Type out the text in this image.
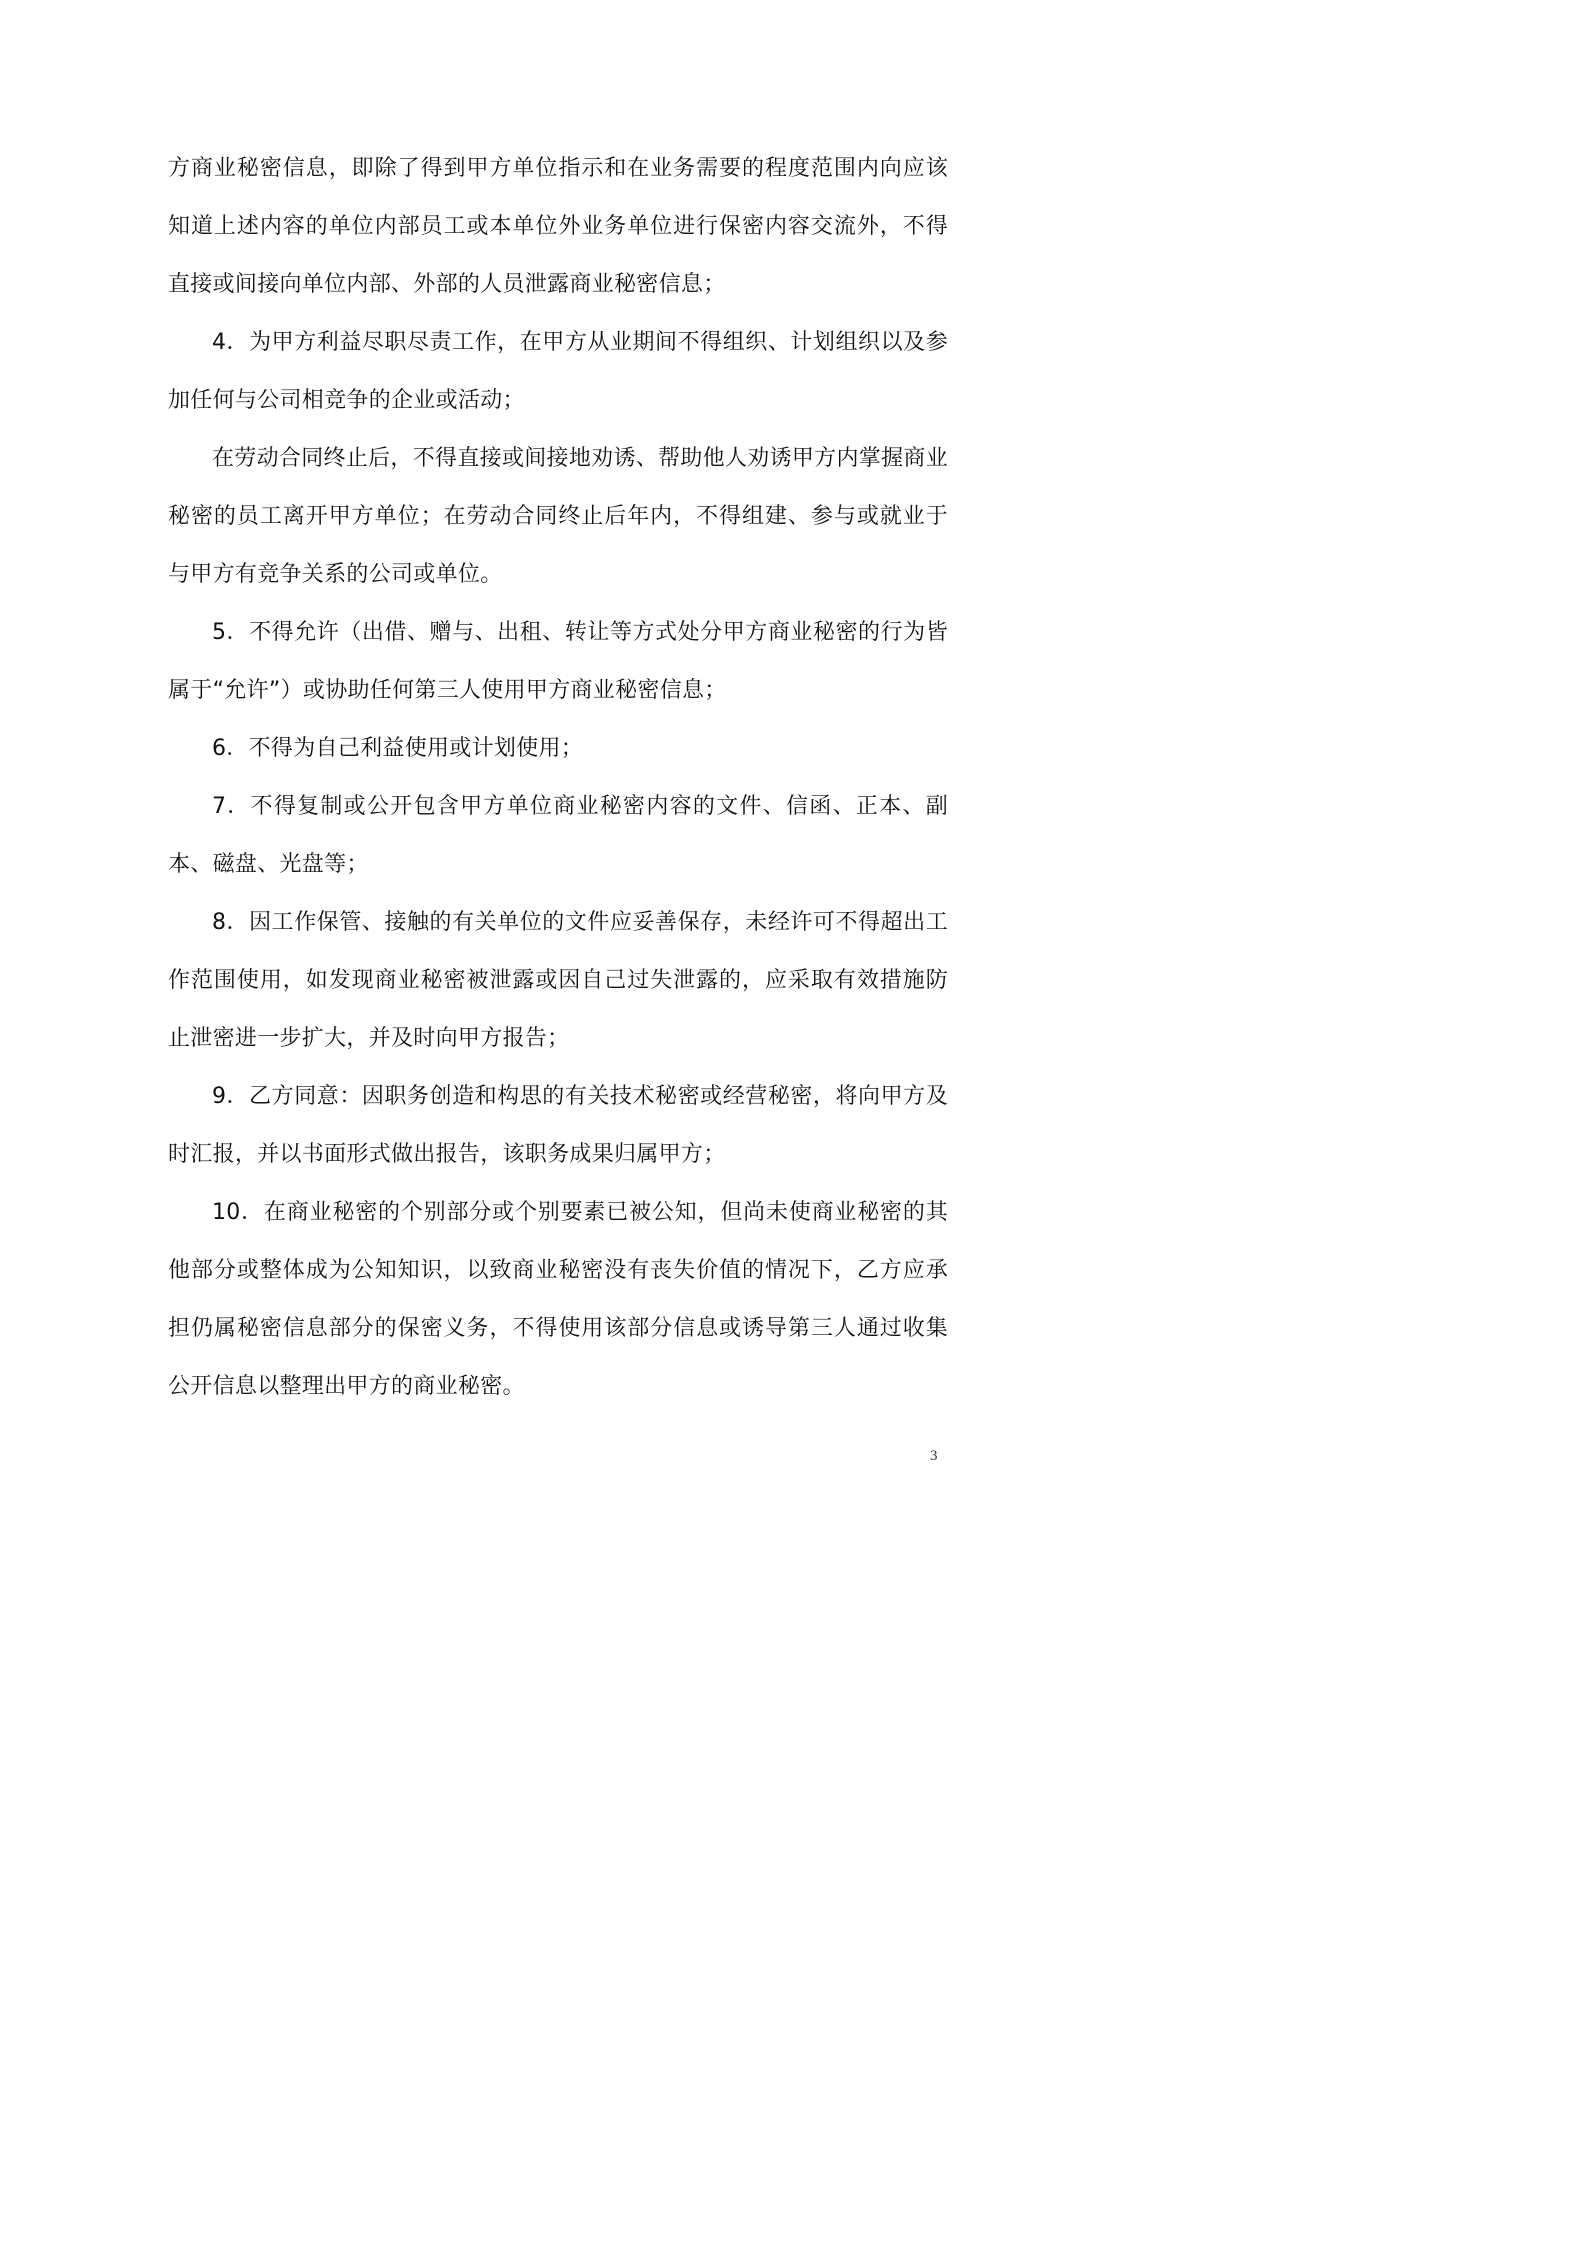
方商业秘密信息，即除了得到甲方单位指示和在业务需要的程度范围内向应该知道上述内容的单位内部员工或本单位外业务单位进行保密内容交流外，不得直接或间接向单位内部、外部的人员泄露商业秘密信息；

4．为甲方利益尽职尽责工作，在甲方从业期间不得组织、计划组织以及参加任何与公司相竞争的企业或活动；

在劳动合同终止后，不得直接或间接地劝诱、帮助他人劝诱甲方内掌握商业秘密的员工离开甲方单位；在劳动合同终止后年内，不得组建、参与或就业于与甲方有竞争关系的公司或单位。

5．不得允许（出借、赠与、出租、转让等方式处分甲方商业秘密的行为皆属于“允许”）或协助任何第三人使用甲方商业秘密信息；

6．不得为自己利益使用或计划使用；

7．不得复制或公开包含甲方单位商业秘密内容的文件、信函、正本、副本、磁盘、光盘等；

8．因工作保管、接触的有关单位的文件应妥善保存，未经许可不得超出工作范围使用，如发现商业秘密被泄露或因自己过失泄露的，应采取有效措施防止泄密进一步扩大，并及时向甲方报告；

9．乙方同意：因职务创造和构思的有关技术秘密或经营秘密，将向甲方及时汇报，并以书面形式做出报告，该职务成果归属甲方；

10．在商业秘密的个别部分或个别要素已被公知，但尚未使商业秘密的其他部分或整体成为公知知识，以致商业秘密没有丧失价值的情况下，乙方应承担仍属秘密信息部分的保密义务，不得使用该部分信息或诱导第三人通过收集公开信息以整理出甲方的商业秘密。

3
